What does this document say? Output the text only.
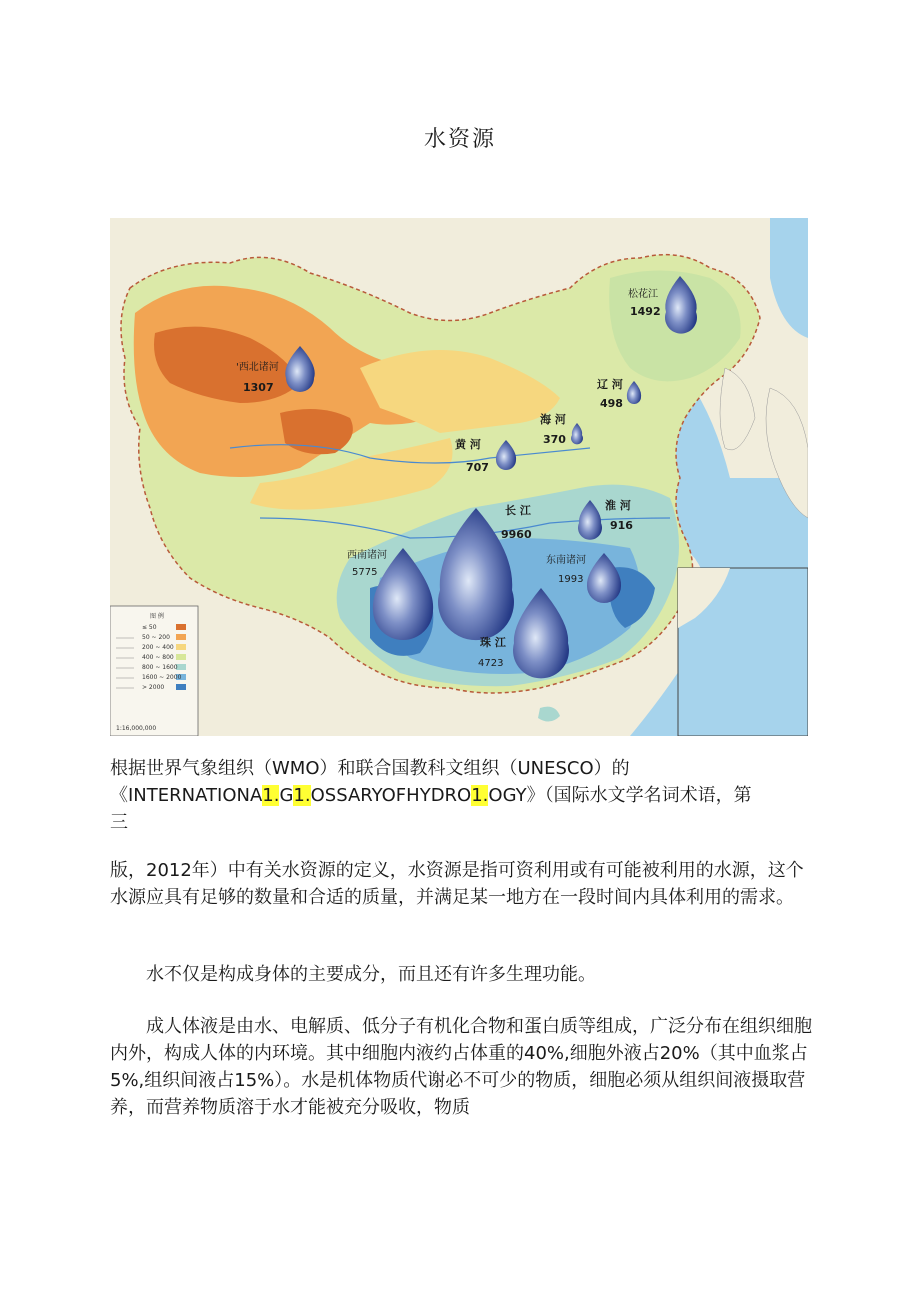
水资源
图 例
≤ 50
50 ~ 200
200 ~ 400
400 ~ 800
800 ~ 1600
1600 ~ 2000
> 2000
1:16,000,000
松花江
1492
'西北诸河
1307	辽 河
498
海 河
370
黄 河
707
淮 河
916
长 江
9960
西南诸河
5775
东南诸河
1993
珠 江
4723

根据世界气象组织（WMO）和联合国教科文组织（UNESCO）的
《INTERNATIONA1.G1.OSSARYOFHYDRO1.OGY》（国际水文学名词术语，第
三

版，2012年）中有关水资源的定义，水资源是指可资利用或有可能被利用的水源，这个水源应具有足够的数量和合适的质量，并满足某一地方在一段时间内具体利用的需求。

水不仅是构成身体的主要成分，而且还有许多生理功能。

成人体液是由水、电解质、低分子有机化合物和蛋白质等组成，广泛分布在组织细胞内外，构成人体的内环境。其中细胞内液约占体重的40%,细胞外液占20%（其中血浆占5%,组织间液占15%）。水是机体物质代谢必不可少的物质，细胞必须从组织间液摄取营养，而营养物质溶于水才能被充分吸收，物质
